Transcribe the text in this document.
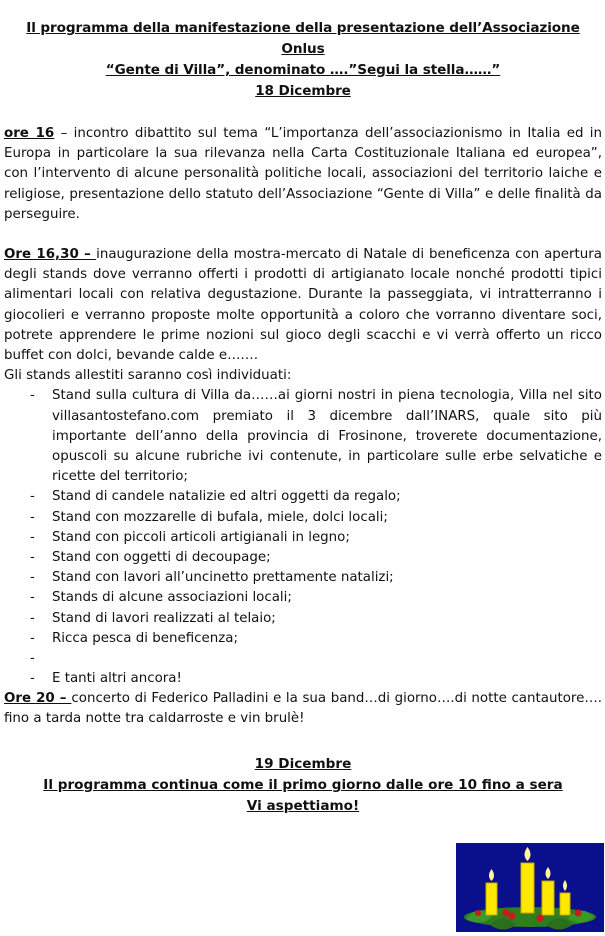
Il programma della manifestazione della presentazione dell’Associazione
Onlus
“Gente di Villa”, denominato ….”Segui la stella……”
18 Dicembre

ore 16 – incontro dibattito sul tema “L’importanza dell’associazionismo in Italia ed in Europa in particolare la sua rilevanza nella Carta Costituzionale Italiana ed europea”, con l’intervento di alcune personalità politiche locali, associazioni del territorio laiche e religiose, presentazione dello statuto dell’Associazione “Gente di Villa” e delle finalità da perseguire.

Ore 16,30 – inaugurazione della mostra-mercato di Natale di beneficenza con apertura degli stands dove verranno offerti i prodotti di artigianato locale nonché prodotti tipici alimentari locali con relativa degustazione. Durante la passeggiata, vi intratterranno i giocolieri e verranno proposte molte opportunità a coloro che vorranno diventare soci, potrete apprendere le prime nozioni sul gioco degli scacchi e vi verrà offerto un ricco buffet con dolci, bevande calde e….…

Gli stands allestiti saranno così individuati:

- Stand sulla cultura di Villa da……ai giorni nostri in piena tecnologia, Villa nel sito villasantostefano.com premiato il 3 dicembre dall’INARS, quale sito più importante dell’anno della provincia di Frosinone, troverete documentazione, opuscoli su alcune rubriche ivi contenute, in particolare sulle erbe selvatiche e ricette del territorio;
- Stand di candele natalizie ed altri oggetti da regalo;
- Stand con mozzarelle di bufala, miele, dolci locali;
- Stand con piccoli articoli artigianali in legno;
- Stand con oggetti di decoupage;
- Stand con lavori all’uncinetto prettamente natalizi;
- Stands di alcune associazioni locali;
- Stand di lavori realizzati al telaio;
- Ricca pesca di beneficenza;
-
- E tanti altri ancora!

Ore 20 – concerto di Federico Palladini e la sua band…di giorno….di notte cantautore…. fino a tarda notte tra caldarroste e vin brulè!

19 Dicembre
Il programma continua come il primo giorno dalle ore 10 fino a sera
Vi aspettiamo!
